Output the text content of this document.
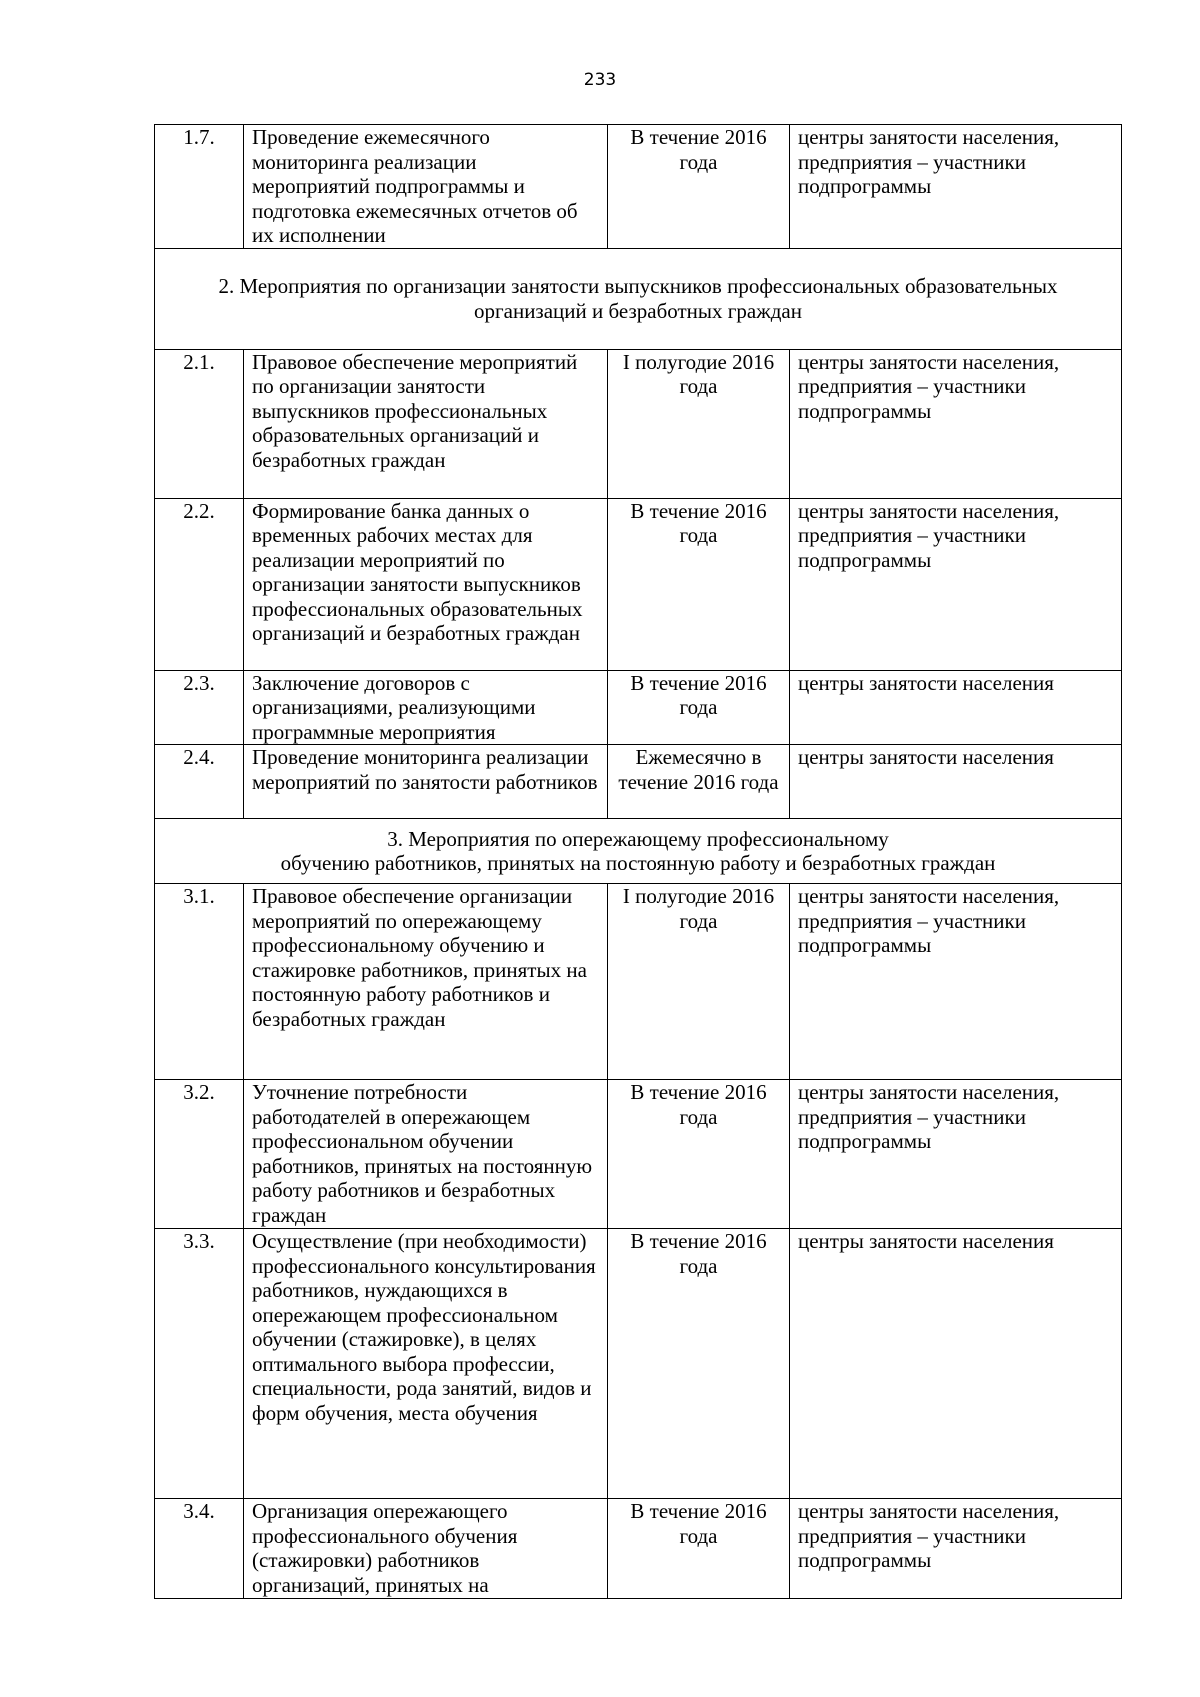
233
1.7.	Проведение ежемесячного мониторинга реализации мероприятий подпрограммы и подготовка ежемесячных отчетов об их исполнении	В течение 2016 года	центры занятости населения, предприятия – участники подпрограммы
2. Мероприятия по организации занятости выпускников профессиональных образовательных организаций и безработных граждан			
2.1.	Правовое обеспечение мероприятий по организации занятости выпускников профессиональных образовательных организаций и безработных граждан	I полугодие 2016 года	центры занятости населения, предприятия – участники подпрограммы
2.2.	Формирование банка данных о временных рабочих местах для реализации мероприятий по организации занятости выпускников профессиональных образовательных организаций и безработных граждан	В течение 2016 года	центры занятости населения, предприятия – участники подпрограммы
2.3.	Заключение договоров с организациями, реализующими программные мероприятия	В течение 2016 года	центры занятости населения
2.4.	Проведение мониторинга реализации мероприятий по занятости работников	Ежемесячно в течение 2016 года	центры занятости населения
3. Мероприятия по опережающему профессиональному
обучению работников, принятых на постоянную работу и безработных граждан			
3.1.	Правовое обеспечение организации мероприятий по опережающему профессиональному обучению и стажировке работников, принятых на постоянную работу работников и безработных граждан	I полугодие 2016 года	центры занятости населения, предприятия – участники подпрограммы
3.2.	Уточнение потребности работодателей в опережающем профессиональном обучении работников, принятых на постоянную работу работников и безработных граждан	В течение 2016 года	центры занятости населения, предприятия – участники подпрограммы
3.3.	Осуществление (при необходимости) профессионального консультирования работников, нуждающихся в опережающем профессиональном обучении (стажировке), в целях оптимального выбора профессии, специальности, рода занятий, видов и форм обучения, места обучения	В течение 2016 года	центры занятости населения
3.4.	Организация опережающего профессионального обучения (стажировки) работников организаций, принятых на	В течение 2016 года	центры занятости населения, предприятия – участники подпрограммы
